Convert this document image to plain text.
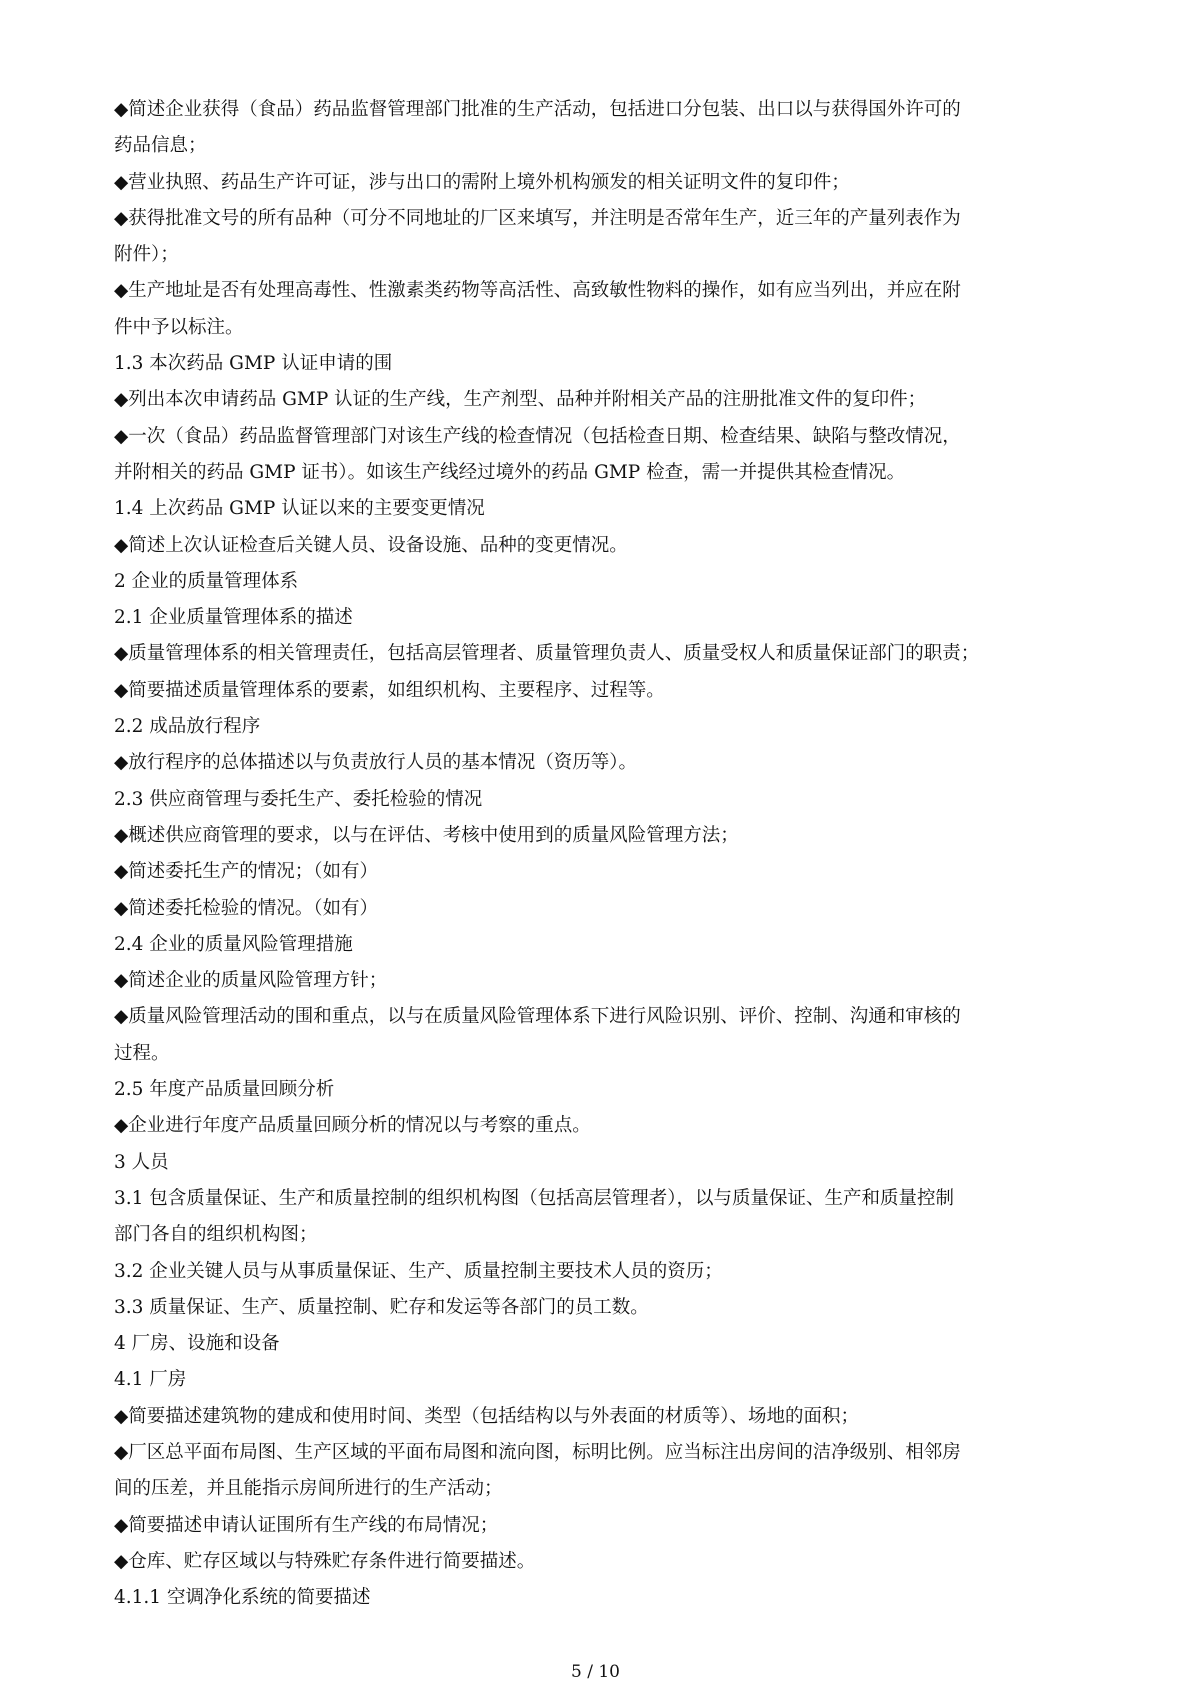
◆简述企业获得（食品）药品监督管理部门批准的生产活动，包括进口分包装、出口以与获得国外许可的
药品信息；
◆营业执照、药品生产许可证，涉与出口的需附上境外机构颁发的相关证明文件的复印件；
◆获得批准文号的所有品种（可分不同地址的厂区来填写，并注明是否常年生产，近三年的产量列表作为
附件）；
◆生产地址是否有处理高毒性、性激素类药物等高活性、高致敏性物料的操作，如有应当列出，并应在附
件中予以标注。
1.3 本次药品 GMP 认证申请的围
◆列出本次申请药品 GMP 认证的生产线，生产剂型、品种并附相关产品的注册批准文件的复印件；
◆一次（食品）药品监督管理部门对该生产线的检查情况（包括检查日期、检查结果、缺陷与整改情况，
并附相关的药品 GMP 证书）。如该生产线经过境外的药品 GMP 检查，需一并提供其检查情况。
1.4 上次药品 GMP 认证以来的主要变更情况
◆简述上次认证检查后关键人员、设备设施、品种的变更情况。
2 企业的质量管理体系
2.1 企业质量管理体系的描述
◆质量管理体系的相关管理责任，包括高层管理者、质量管理负责人、质量受权人和质量保证部门的职责；
◆简要描述质量管理体系的要素，如组织机构、主要程序、过程等。
2.2 成品放行程序
◆放行程序的总体描述以与负责放行人员的基本情况（资历等）。
2.3 供应商管理与委托生产、委托检验的情况
◆概述供应商管理的要求，以与在评估、考核中使用到的质量风险管理方法；
◆简述委托生产的情况；（如有）
◆简述委托检验的情况。（如有）
2.4 企业的质量风险管理措施
◆简述企业的质量风险管理方针；
◆质量风险管理活动的围和重点，以与在质量风险管理体系下进行风险识别、评价、控制、沟通和审核的
过程。
2.5 年度产品质量回顾分析
◆企业进行年度产品质量回顾分析的情况以与考察的重点。
3 人员
3.1 包含质量保证、生产和质量控制的组织机构图（包括高层管理者），以与质量保证、生产和质量控制
部门各自的组织机构图；
3.2 企业关键人员与从事质量保证、生产、质量控制主要技术人员的资历；
3.3 质量保证、生产、质量控制、贮存和发运等各部门的员工数。
4 厂房、设施和设备
4.1 厂房
◆简要描述建筑物的建成和使用时间、类型（包括结构以与外表面的材质等）、场地的面积；
◆厂区总平面布局图、生产区域的平面布局图和流向图，标明比例。应当标注出房间的洁净级别、相邻房
间的压差，并且能指示房间所进行的生产活动；
◆简要描述申请认证围所有生产线的布局情况；
◆仓库、贮存区域以与特殊贮存条件进行简要描述。
4.1.1 空调净化系统的简要描述
5 / 10
